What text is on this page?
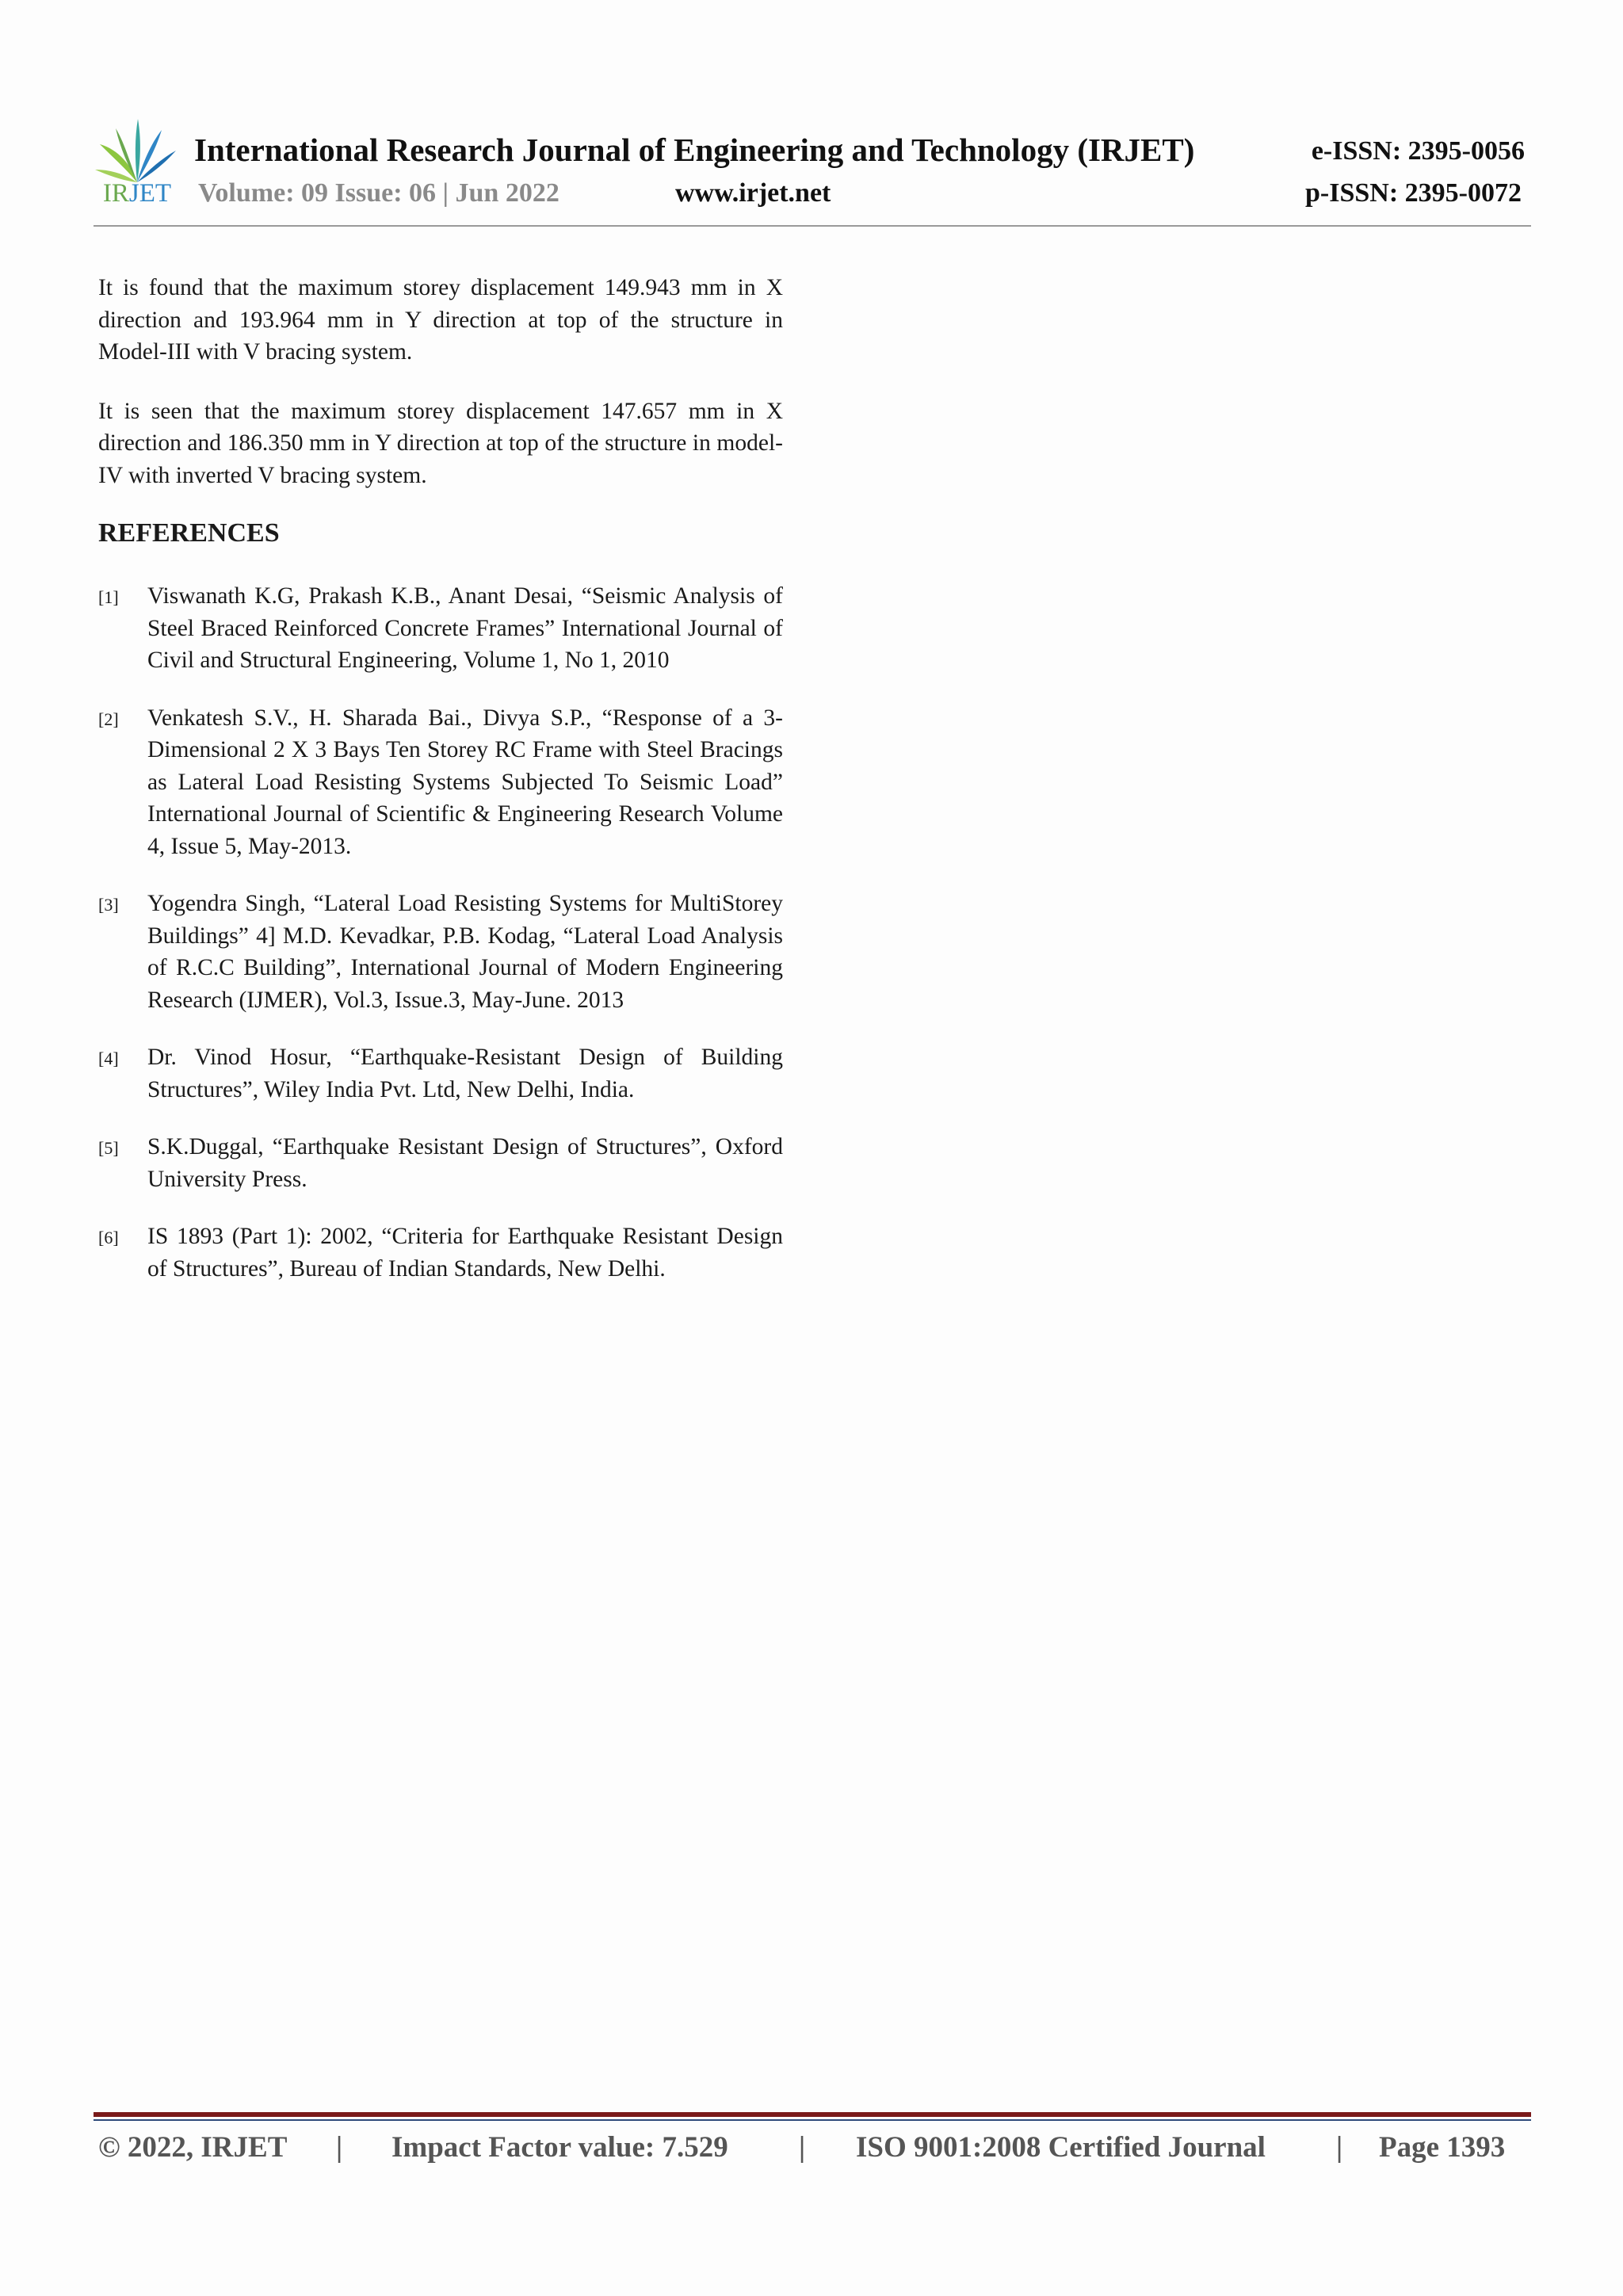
IRJET
International Research Journal of Engineering and Technology (IRJET)
Volume: 09 Issue: 06 | Jun 2022	www.irjet.net
e-ISSN: 2395-0056
p-ISSN: 2395-0072

It is found that the maximum storey displacement 149.943 mm in X direction and 193.964 mm in Y direction at top of the structure in Model-III with V bracing system.

It is seen that the maximum storey displacement 147.657 mm in X direction and 186.350 mm in Y direction at top of the structure in model-IV with inverted V bracing system.

REFERENCES
[1]	Viswanath K.G, Prakash K.B., Anant Desai, “Seismic Analysis of Steel Braced Reinforced Concrete Frames” International Journal of Civil and Structural Engineering, Volume 1, No 1, 2010
[2]	Venkatesh S.V., H. Sharada Bai., Divya S.P., “Response of a 3-Dimensional 2 X 3 Bays Ten Storey RC Frame with Steel Bracings as Lateral Load Resisting Systems Subjected To Seismic Load” International Journal of Scientific & Engineering Research Volume 4, Issue 5, May-2013.
[3]	Yogendra Singh, “Lateral Load Resisting Systems for MultiStorey Buildings” 4] M.D. Kevadkar, P.B. Kodag, “Lateral Load Analysis of R.C.C Building”, International Journal of Modern Engineering Research (IJMER), Vol.3, Issue.3, May-June. 2013
[4]	Dr. Vinod Hosur, “Earthquake-Resistant Design of Building Structures”, Wiley India Pvt. Ltd, New Delhi, India.
[5]	S.K.Duggal, “Earthquake Resistant Design of Structures”, Oxford University Press.
[6]	IS 1893 (Part 1): 2002, “Criteria for Earthquake Resistant Design of Structures”, Bureau of Indian Standards, New Delhi.
© 2022, IRJET | Impact Factor value: 7.529 | ISO 9001:2008 Certified Journal | Page 1393
